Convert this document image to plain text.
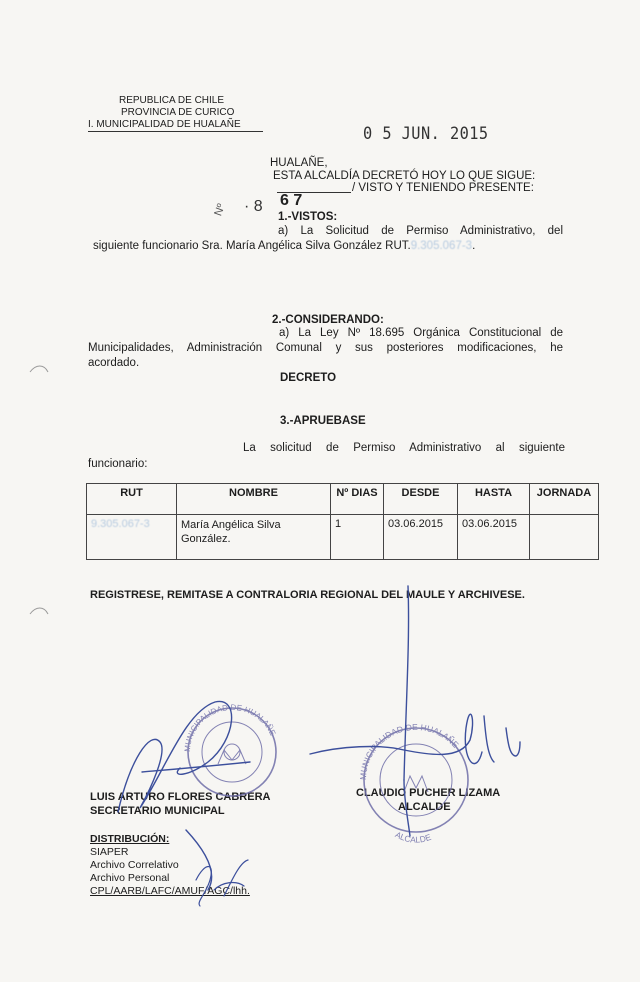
REPUBLICA DE CHILE
PROVINCIA DE CURICO
I. MUNICIPALIDAD DE HUALAÑE	0 5 JUN. 2015
HUALAÑE,
ESTA ALCALDÍA DECRETÓ HOY LO QUE SIGUE:
/ VISTO Y TENIENDO PRESENTE:
Nº · 8 6 7
1.-VISTOS:
a) La Solicitud de Permiso Administrativo, del
siguiente funcionario Sra. María Angélica Silva González RUT.9.305.067-3.
2.-CONSIDERANDO:
a) La Ley Nº 18.695 Orgánica Constitucional de
Municipalidades, Administración Comunal y sus posteriores modificaciones, he
acordado.
DECRETO
3.-APRUEBASE
La solicitud de Permiso Administrativo al siguiente
funcionario:
RUT	NOMBRE	Nº DIAS	DESDE	HASTA	JORNADA
9.305.067-3	María Angélica Silva González.	1	03.06.2015	03.06.2015	
REGISTRESE, REMITASE A CONTRALORIA REGIONAL DEL MAULE Y ARCHIVESE.
LUIS ARTURO FLORES CABRERA
SECRETARIO MUNICIPAL
CLAUDIO PUCHER LIZAMA
ALCALDE
DISTRIBUCIÓN:
SIAPER
Archivo Correlativo
Archivo Personal
CPL/AARB/LAFC/AMUF/AGC/lhh.
MUNICIPALIDAD DE HUALAÑE
MUNICIPALIDAD DE HUALAÑE
ALCALDE
